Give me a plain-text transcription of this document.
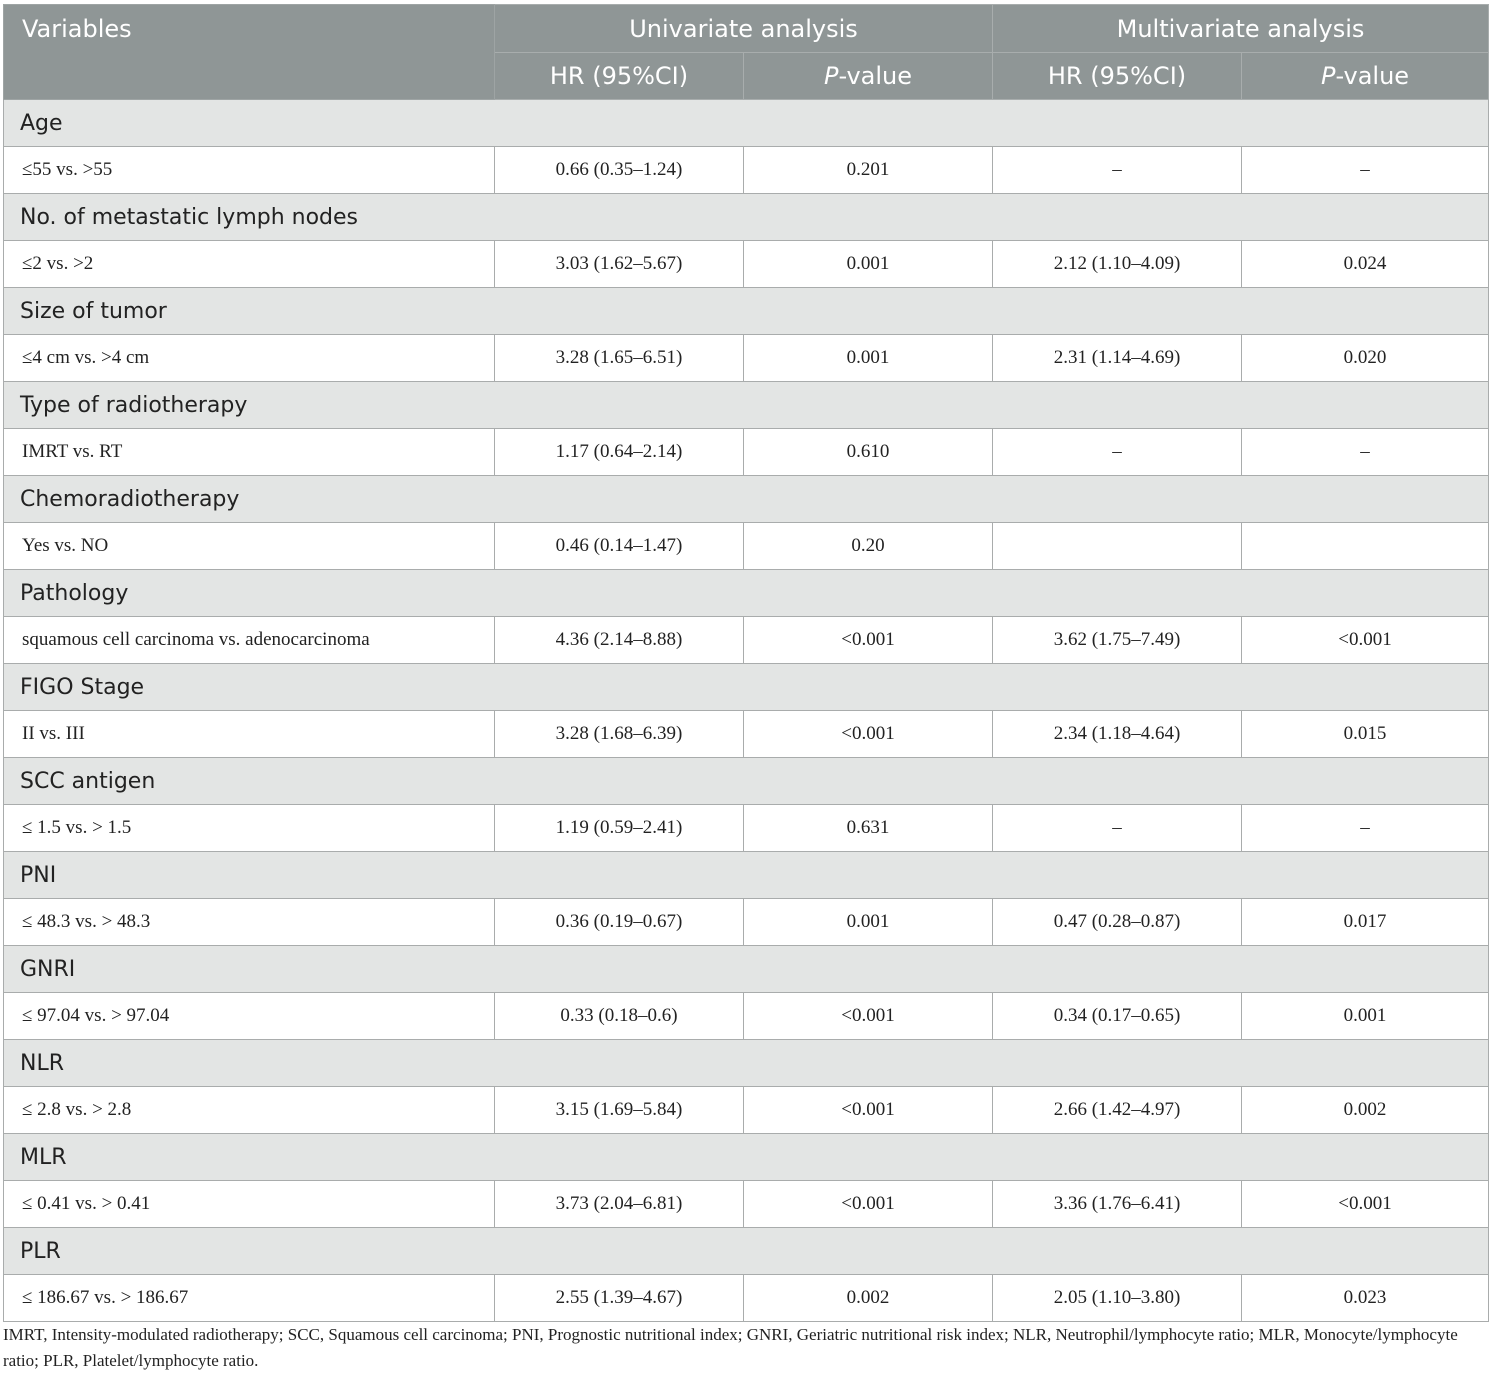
Variables	Univariate analysis		Multivariate analysis	
	HR (95%CI)	P-value	HR (95%CI)	P-value
Age				
≤55 vs. >55	0.66 (0.35–1.24)	0.201	–	–
No. of metastatic lymph nodes				
≤2 vs. >2	3.03 (1.62–5.67)	0.001	2.12 (1.10–4.09)	0.024
Size of tumor				
≤4 cm vs. >4 cm	3.28 (1.65–6.51)	0.001	2.31 (1.14–4.69)	0.020
Type of radiotherapy				
IMRT vs. RT	1.17 (0.64–2.14)	0.610	–	–
Chemoradiotherapy				
Yes vs. NO	0.46 (0.14–1.47)	0.20		
Pathology				
squamous cell carcinoma vs. adenocarcinoma	4.36 (2.14–8.88)	<0.001	3.62 (1.75–7.49)	<0.001
FIGO Stage				
II vs. III	3.28 (1.68–6.39)	<0.001	2.34 (1.18–4.64)	0.015
SCC antigen				
≤ 1.5 vs. > 1.5	1.19 (0.59–2.41)	0.631	–	–
PNI				
≤ 48.3 vs. > 48.3	0.36 (0.19–0.67)	0.001	0.47 (0.28–0.87)	0.017
GNRI				
≤ 97.04 vs. > 97.04	0.33 (0.18–0.6)	<0.001	0.34 (0.17–0.65)	0.001
NLR				
≤ 2.8 vs. > 2.8	3.15 (1.69–5.84)	<0.001	2.66 (1.42–4.97)	0.002
MLR				
≤ 0.41 vs. > 0.41	3.73 (2.04–6.81)	<0.001	3.36 (1.76–6.41)	<0.001
PLR				
≤ 186.67 vs. > 186.67	2.55 (1.39–4.67)	0.002	2.05 (1.10–3.80)	0.023
IMRT, Intensity-modulated radiotherapy; SCC, Squamous cell carcinoma; PNI, Prognostic nutritional index; GNRI, Geriatric nutritional risk index; NLR, Neutrophil/lymphocyte ratio; MLR, Monocyte/lymphocyte ratio; PLR, Platelet/lymphocyte ratio.
